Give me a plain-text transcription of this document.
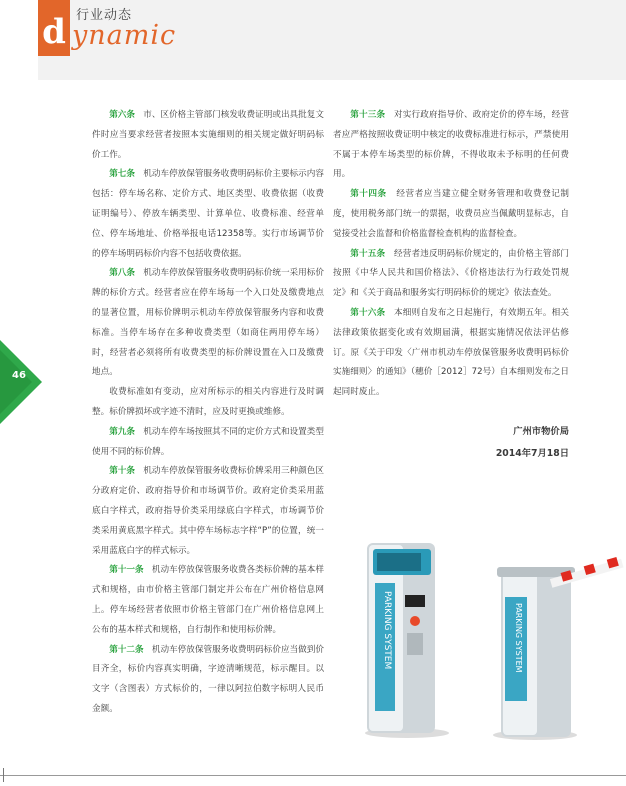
d 行业动态
ynamic
46

第六条 市、区价格主管部门核发收费证明或出具批复文件时应当要求经营者按照本实施细则的相关规定做好明码标价工作。

第七条 机动车停放保管服务收费明码标价主要标示内容包括：停车场名称、定价方式、地区类型、收费依据（收费证明编号）、停放车辆类型、计算单位、收费标准、经营单位、停车场地址、价格举报电话12358等。实行市场调节价的停车场明码标价内容不包括收费依据。

第八条 机动车停放保管服务收费明码标价统一采用标价牌的标价方式。经营者应在停车场每一个入口处及缴费地点的显著位置，用标价牌明示机动车停放保管服务内容和收费标准。当停车场存在多种收费类型（如商住两用停车场）时，经营者必须将所有收费类型的标价牌设置在入口及缴费地点。

收费标准如有变动，应对所标示的相关内容进行及时调整。标价牌损坏或字迹不清时，应及时更换或维修。

第九条 机动车停车场按照其不同的定价方式和设置类型使用不同的标价牌。

第十条 机动车停放保管服务收费标价牌采用三种颜色区分政府定价、政府指导价和市场调节价。政府定价类采用蓝底白字样式，政府指导价类采用绿底白字样式，市场调节价类采用黄底黑字样式。其中停车场标志字样“P”的位置，统一采用蓝底白字的样式标示。

第十一条 机动车停放保管服务收费各类标价牌的基本样式和规格，由市价格主管部门制定并公布在广州价格信息网上。停车场经营者依照市价格主管部门在广州价格信息网上公布的基本样式和规格，自行制作和使用标价牌。

第十二条 机动车停放保管服务收费明码标价应当做到价目齐全，标价内容真实明确，字迹清晰规范，标示醒目。以文字（含图表）方式标价的，一律以阿拉伯数字标明人民币金额。

第十三条 对实行政府指导价、政府定价的停车场，经营者应严格按照收费证明中核定的收费标准进行标示，严禁使用不属于本停车场类型的标价牌，不得收取未予标明的任何费用。

第十四条 经营者应当建立健全财务管理和收费登记制度，使用税务部门统一的票据，收费员应当佩戴明显标志，自觉接受社会监督和价格监督检查机构的监督检查。

第十五条 经营者违反明码标价规定的，由价格主管部门按照《中华人民共和国价格法》、《价格违法行为行政处罚规定》和《关于商品和服务实行明码标价的规定》依法查处。

第十六条 本细则自发布之日起施行，有效期五年。相关法律政策依据变化或有效期届满，根据实施情况依法评估修订。原《关于印发〈广州市机动车停放保管服务收费明码标价实施细则〉的通知》（穗价［2012］72号）自本细则发布之日起同时废止。

广州市物价局
2014年7月18日
PARKING SYSTEM	PARKING SYSTEM
